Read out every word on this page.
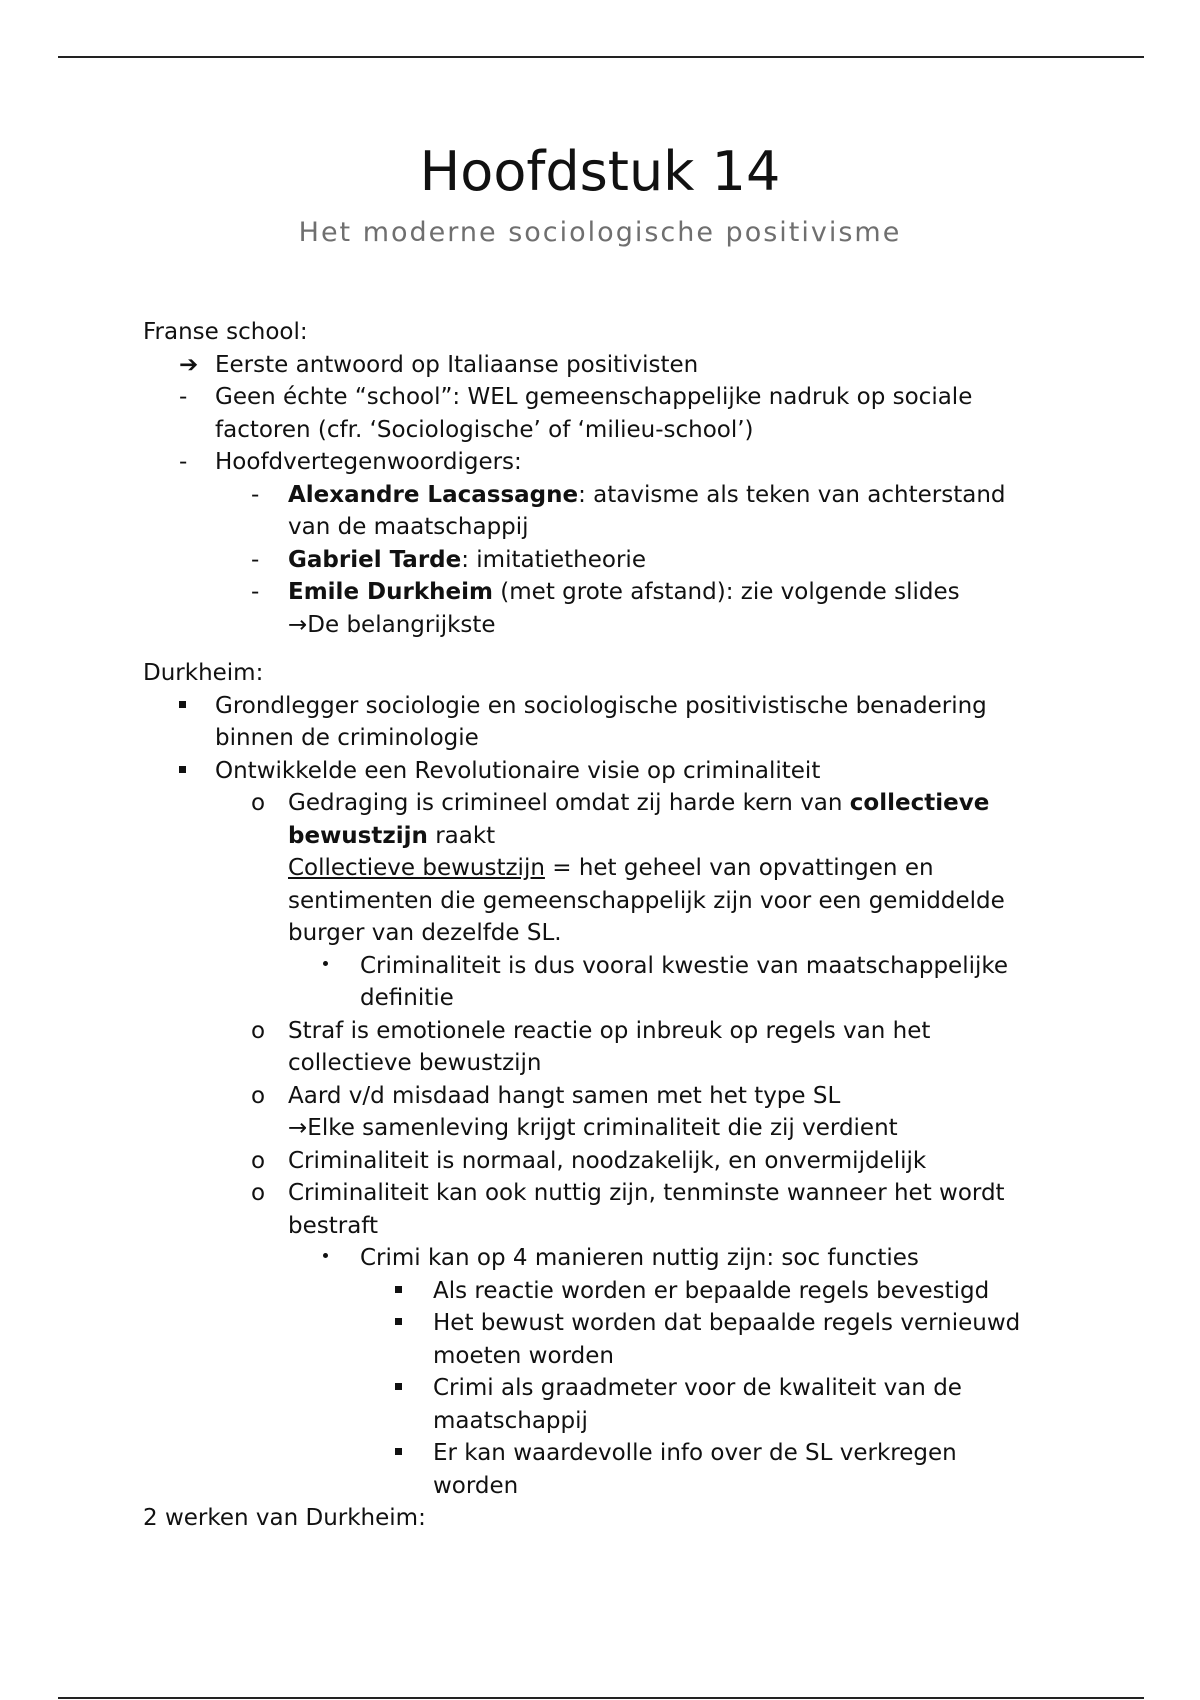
Hoofdstuk 14
Het moderne sociologische positivisme
Franse school:
➔ Eerste antwoord op Italiaanse positivisten
-	Geen échte “school”: WEL gemeenschappelijke nadruk op sociale
factoren (cfr. ‘Sociologische’ of ‘milieu-school’)
-	Hoofdvertegenwoordigers:
-	Alexandre Lacassagne: atavisme als teken van achterstand
van de maatschappij
-	Gabriel Tarde: imitatietheorie
-	Emile Durkheim (met grote afstand): zie volgende slides
→De belangrijkste
Durkheim:
Grondlegger sociologie en sociologische positivistische benadering
binnen de criminologie
Ontwikkelde een Revolutionaire visie op criminaliteit
o Gedraging is crimineel omdat zij harde kern van collectieve
bewustzijn raakt
Collectieve bewustzijn = het geheel van opvattingen en
sentimenten die gemeenschappelijk zijn voor een gemiddelde
burger van dezelfde SL.
Criminaliteit is dus vooral kwestie van maatschappelijke
definitie
o Straf is emotionele reactie op inbreuk op regels van het
collectieve bewustzijn
o Aard v/d misdaad hangt samen met het type SL
→Elke samenleving krijgt criminaliteit die zij verdient
o Criminaliteit is normaal, noodzakelijk, en onvermijdelijk
o Criminaliteit kan ook nuttig zijn, tenminste wanneer het wordt
bestraft
Crimi kan op 4 manieren nuttig zijn: soc functies
Als reactie worden er bepaalde regels bevestigd
Het bewust worden dat bepaalde regels vernieuwd
moeten worden
Crimi als graadmeter voor de kwaliteit van de
maatschappij
Er kan waardevolle info over de SL verkregen
worden
2 werken van Durkheim:
